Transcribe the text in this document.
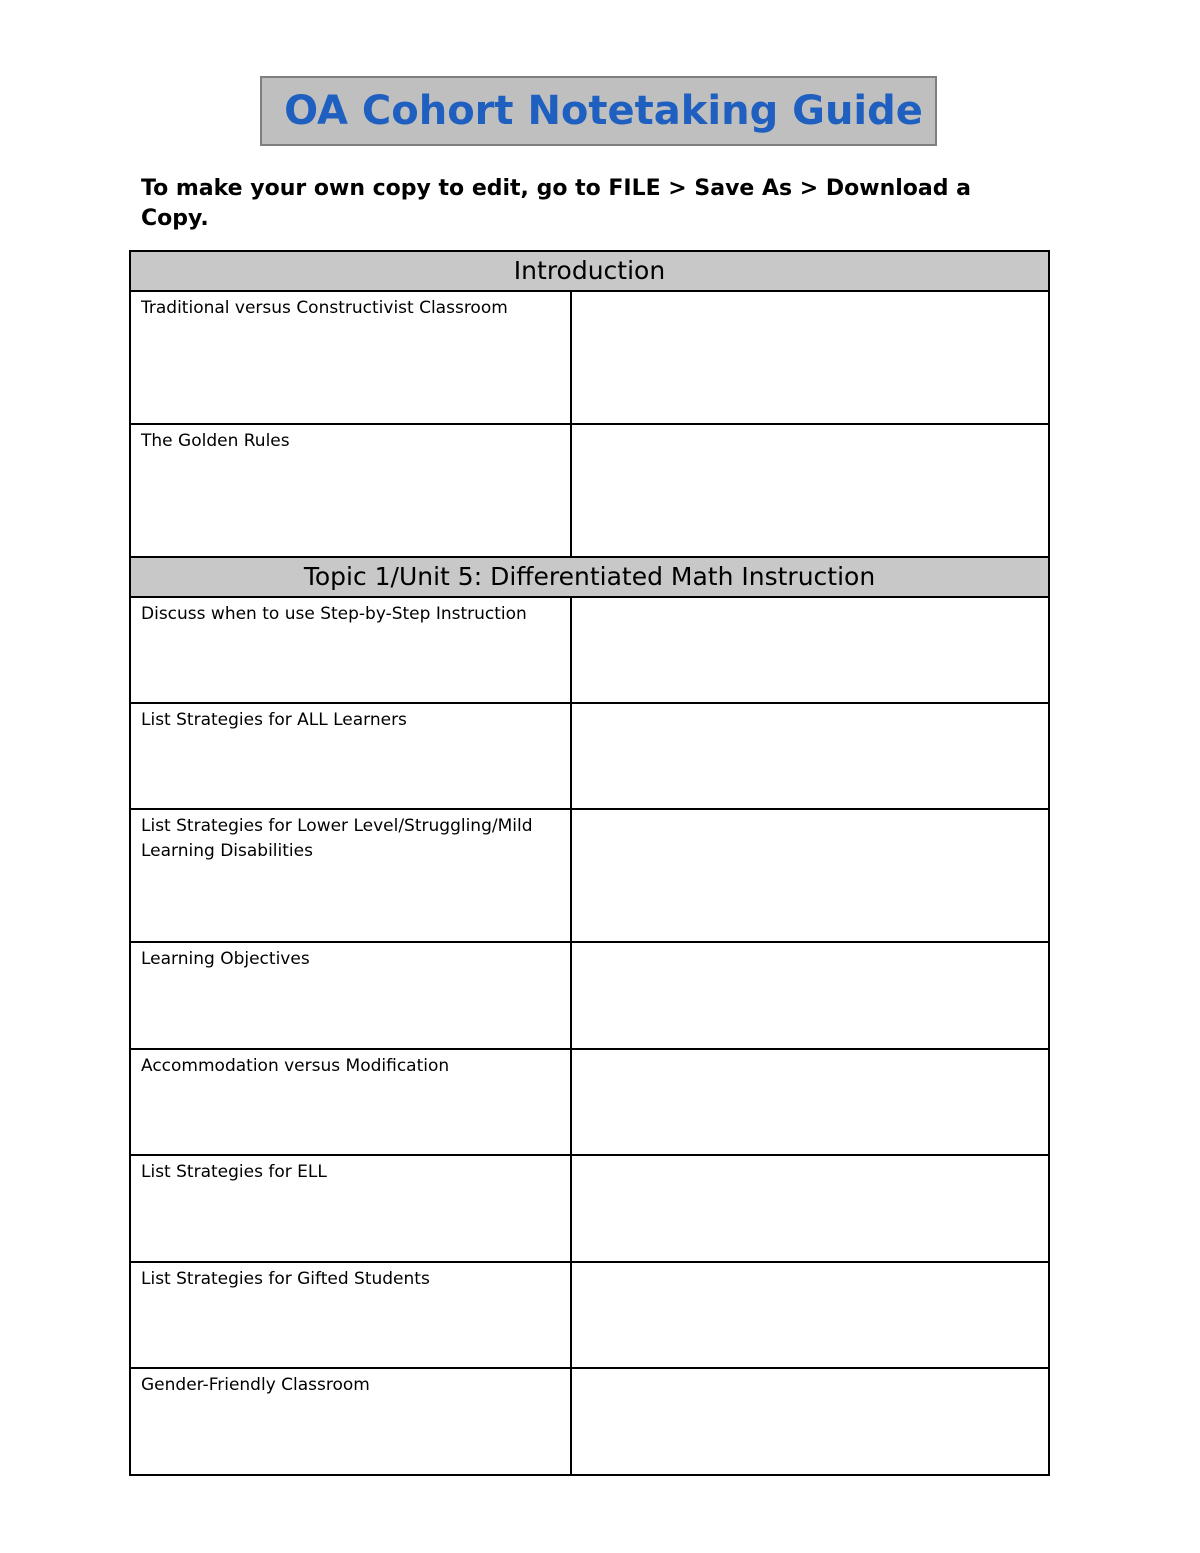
OA Cohort Notetaking Guide
To make your own copy to edit, go to FILE > Save As > Download a Copy.
Introduction	
Traditional versus Constructivist Classroom	
The Golden Rules	
Topic 1/Unit 5: Differentiated Math Instruction	
Discuss when to use Step-by-Step Instruction	
List Strategies for ALL Learners	
List Strategies for Lower Level/Struggling/Mild Learning Disabilities	
Learning Objectives	
Accommodation versus Modification	
List Strategies for ELL	
List Strategies for Gifted Students	
Gender-Friendly Classroom	
